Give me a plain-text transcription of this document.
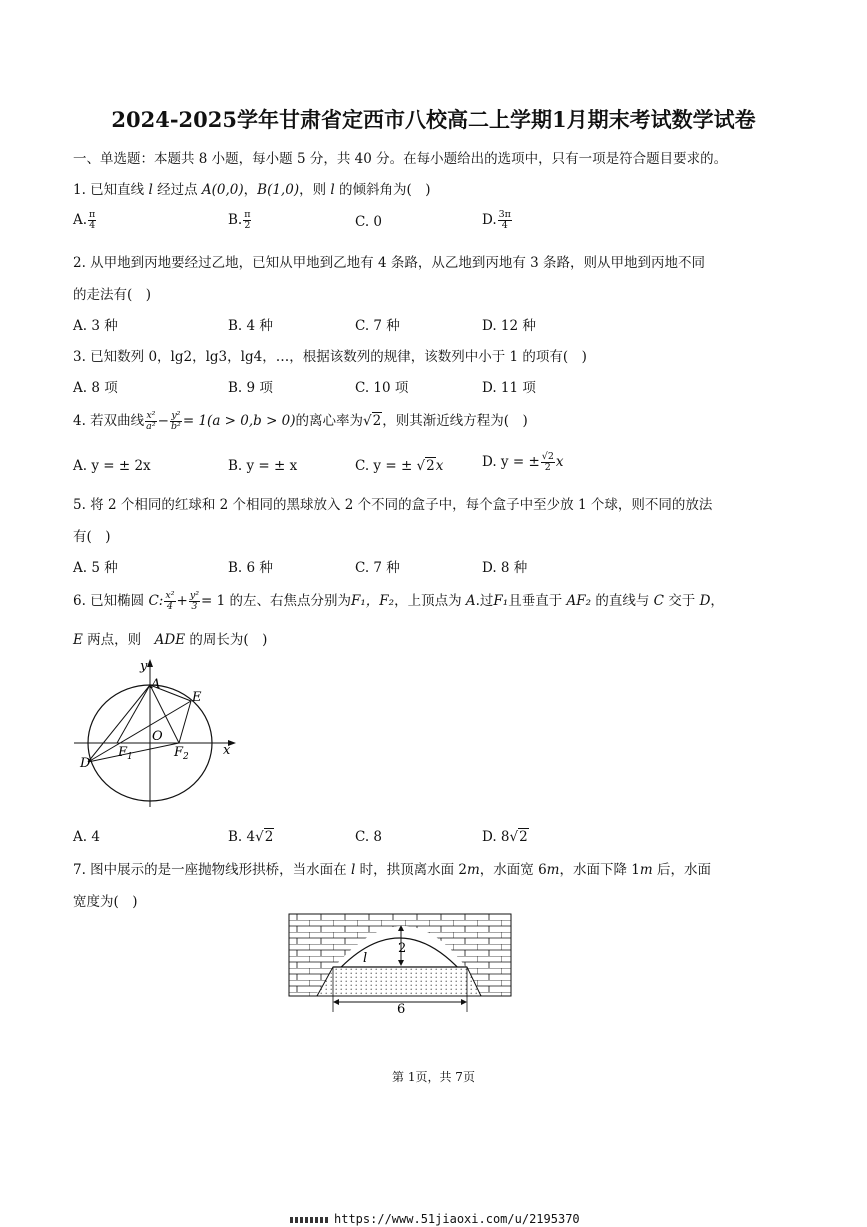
2024-2025学年甘肃省定西市八校高二上学期1月期末考试数学试卷
一、单选题：本题共 8 小题，每小题 5 分，共 40 分。在每小题给出的选项中，只有一项是符合题目要求的。
1. 已知直线 l 经过点 A(0,0)，B(1,0)，则 l 的倾斜角为(　)
A. $\frac{\pi}{4}$	B. $\frac{\pi}{2}$	C. 0	D. $\frac{3\pi}{4}$
2. 从甲地到丙地要经过乙地，已知从甲地到乙地有 4 条路，从乙地到丙地有 3 条路，则从甲地到丙地不同
的走法有(　)
A. 3 种	B. 4 种	C. 7 种	D. 12 种
3. 已知数列 0，lg2，lg3，lg4，…，根据该数列的规律，该数列中小于 1 的项有(　)
A. 8 项	B. 9 项	C. 10 项	D. 11 项
4. 若双曲线 $\frac{\text{x²}}{\text{a²}} - \frac{\text{y²}}{\text{b²}} = 1(a > 0,b > 0)$的离心率为√2，则其渐近线方程为(　)
A. y = ± 2x	B. y = ± x	C. y = ± √2x	D. y = ± $\frac{√2}{2}$ x
5. 将 2 个相同的红球和 2 个相同的黑球放入 2 个不同的盒子中，每个盒子中至少放 1 个球，则不同的放法
有(　)
A. 5 种	B. 6 种	C. 7 种	D. 8 种
6. 已知椭圆 C: $\frac{\text{x²}}{4} + \frac{\text{y²}}{3} = 1$ 的左、右焦点分别为F₁，F₂，上顶点为 A.过F₁且垂直于 AF₂ 的直线与 C 交于 D，
E 两点，则　ADE 的周长为(　)
y
x
A
E
O
$F_1$	$F_2$
D
A. 4	B. 4√2	C. 8	D. 8√2
7. 图中展示的是一座抛物线形拱桥，当水面在 l 时，拱顶离水面 2m，水面宽 6m，水面下降 1m 后，水面
宽度为(　)
2
l
6
第 1页，共 7页
https://www.51jiaoxi.com/u/2195370
